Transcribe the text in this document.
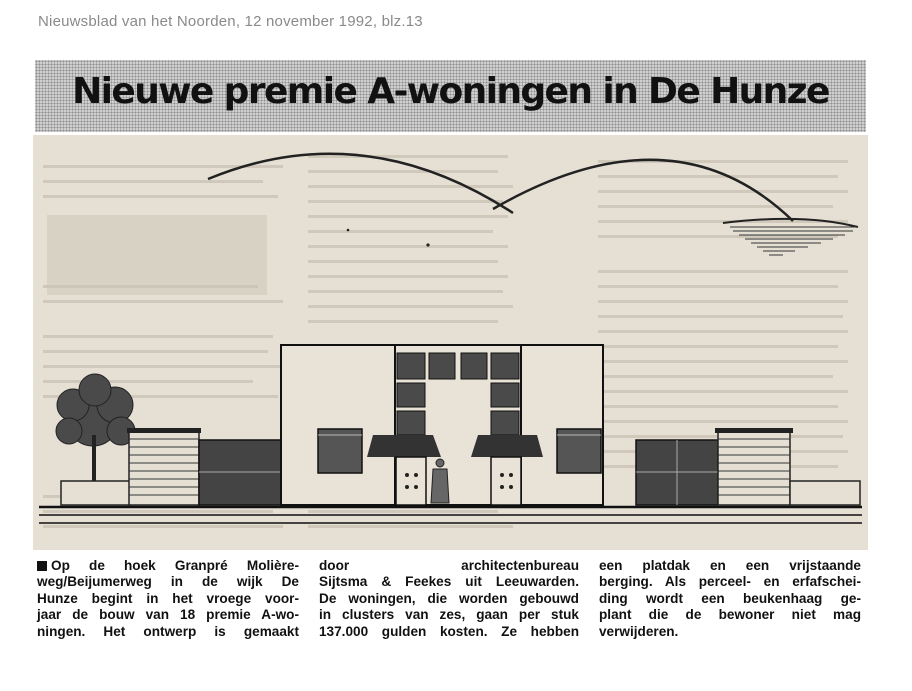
Nieuwsblad van het Noorden, 12 november 1992, blz.13
Nieuwe premie A-woningen in De Hunze
Op de hoek Granpré Molière-
weg/Beijumerweg in de wijk De
Hunze begint in het vroege voor-
jaar de bouw van 18 premie A-wo-
ningen. Het ontwerp is gemaakt
door architectenbureau
Sijtsma & Feekes uit Leeuwarden.
De woningen, die worden gebouwd
in clusters van zes, gaan per stuk
137.000 gulden kosten. Ze hebben
een platdak en een vrijstaande
berging. Als perceel- en erfafschei-
ding wordt een beukenhaag ge-
plant die de bewoner niet mag
verwijderen.
